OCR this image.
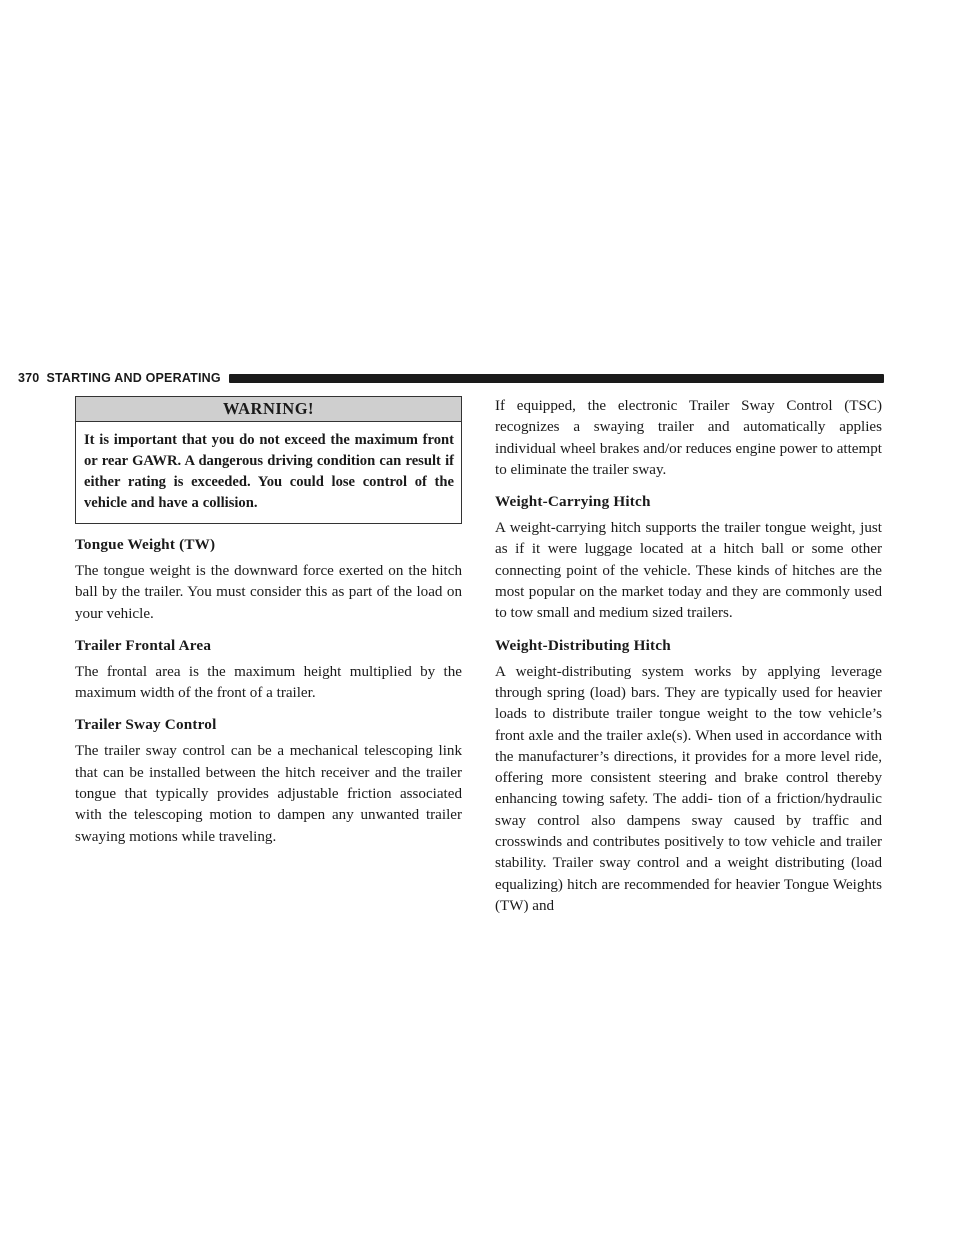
370 STARTING AND OPERATING
WARNING!
It is important that you do not exceed the maximum front or rear GAWR. A dangerous driving condition can result if either rating is exceeded. You could lose control of the vehicle and have a collision.
Tongue Weight (TW)

The tongue weight is the downward force exerted on the hitch ball by the trailer. You must consider this as part of the load on your vehicle.

Trailer Frontal Area

The frontal area is the maximum height multiplied by the maximum width of the front of a trailer.

Trailer Sway Control

The trailer sway control can be a mechanical telescoping link that can be installed between the hitch receiver and the trailer tongue that typically provides adjustable friction associated with the telescoping motion to dampen any unwanted trailer swaying motions while traveling.

If equipped, the electronic Trailer Sway Control (TSC) recognizes a swaying trailer and automatically applies individual wheel brakes and/or reduces engine power to attempt to eliminate the trailer sway.

Weight-Carrying Hitch

A weight-carrying hitch supports the trailer tongue weight, just as if it were luggage located at a hitch ball or some other connecting point of the vehicle. These kinds of hitches are the most popular on the market today and they are commonly used to tow small and medium sized trailers.

Weight-Distributing Hitch

A weight-distributing system works by applying leverage through spring (load) bars. They are typically used for heavier loads to distribute trailer tongue weight to the tow vehicle’s front axle and the trailer axle(s). When used in accordance with the manufacturer’s directions, it provides for a more level ride, offering more consistent steering and brake control thereby enhancing towing safety. The addi- tion of a friction/hydraulic sway control also dampens sway caused by traffic and crosswinds and contributes positively to tow vehicle and trailer stability. Trailer sway control and a weight distributing (load equalizing) hitch are recommended for heavier Tongue Weights (TW) and
